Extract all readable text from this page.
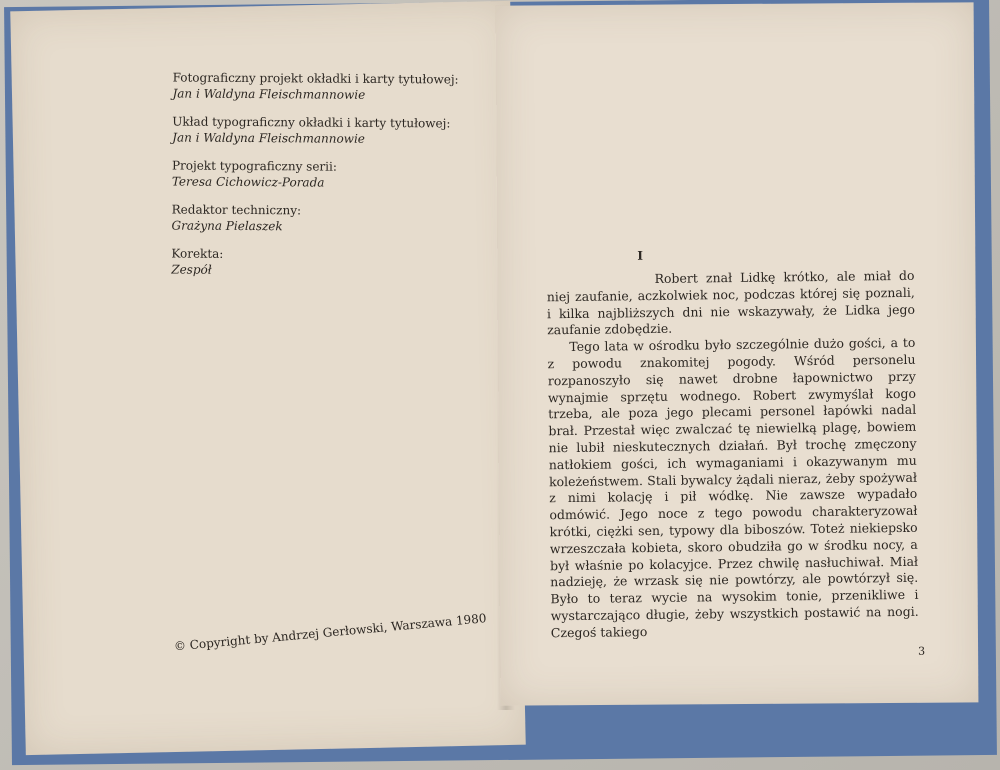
Fotograficzny projekt okładki i karty tytułowej:
Jan i Waldyna Fleischmannowie
Układ typograficzny okładki i karty tytułowej:
Jan i Waldyna Fleischmannowie
Projekt typograficzny serii:
Teresa Cichowicz-Porada
Redaktor techniczny:
Grażyna Pielaszek
Korekta:
Zespół
© Copyright by Andrzej Gerłowski, Warszawa 1980
I

Robert znał Lidkę krótko, ale miał do niej zaufanie, aczkolwiek noc, podczas której się poznali, i kilka najbliższych dni nie wskazywały, że Lidka jego zaufanie zdobędzie.

Tego lata w ośrodku było szczególnie dużo gości, a to z powodu znakomitej pogody. Wśród personelu rozpanoszyło się nawet drobne łapownictwo przy wynajmie sprzętu wodnego. Robert zwymyślał kogo trzeba, ale poza jego plecami personel łapówki nadal brał. Przestał więc zwalczać tę niewielką plagę, bowiem nie lubił nieskutecznych działań. Był trochę zmęczony natłokiem gości, ich wymaganiami i okazywanym mu koleżeństwem. Stali bywalcy żądali nieraz, żeby spożywał z nimi kolację i pił wódkę. Nie zawsze wypadało odmówić. Jego noce z tego powodu charakteryzował krótki, ciężki sen, typowy dla biboszów. Toteż niekiepsko wrzeszczała kobieta, skoro obudziła go w środku nocy, a był właśnie po kolacyjce. Przez chwilę nasłuchiwał. Miał nadzieję, że wrzask się nie powtórzy, ale powtórzył się. Było to teraz wycie na wysokim tonie, przenikliwe i wystarczająco długie, żeby wszystkich postawić na nogi. Czegoś takiego

3
